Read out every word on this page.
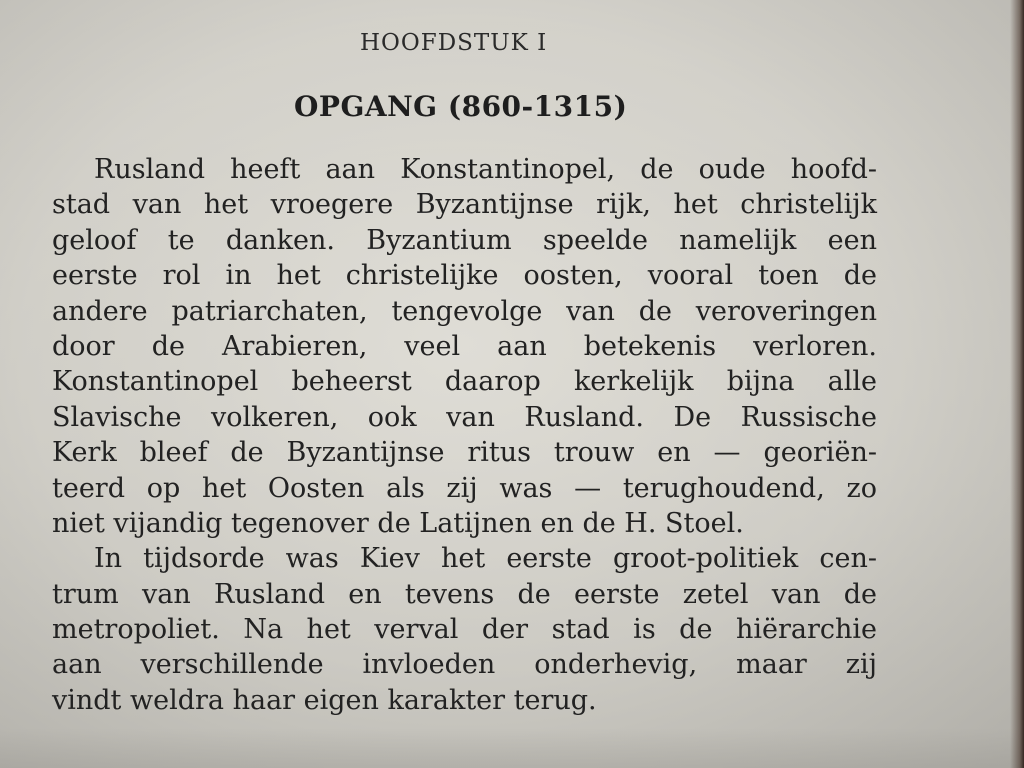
HOOFDSTUK I
OPGANG (860-1315)
Rusland heeft aan Konstantinopel, de oude hoofd-
stad van het vroegere Byzantijnse rijk, het christelijk
geloof te danken. Byzantium speelde namelijk een
eerste rol in het christelijke oosten, vooral toen de
andere patriarchaten, tengevolge van de veroveringen
door de Arabieren, veel aan betekenis verloren.
Konstantinopel beheerst daarop kerkelijk bijna alle
Slavische volkeren, ook van Rusland. De Russische
Kerk bleef de Byzantijnse ritus trouw en — georiën-
teerd op het Oosten als zij was — terughoudend, zo
niet vijandig tegenover de Latijnen en de H. Stoel.
In tijdsorde was Kiev het eerste groot-politiek cen-
trum van Rusland en tevens de eerste zetel van de
metropoliet. Na het verval der stad is de hiërarchie
aan verschillende invloeden onderhevig, maar zij
vindt weldra haar eigen karakter terug.
